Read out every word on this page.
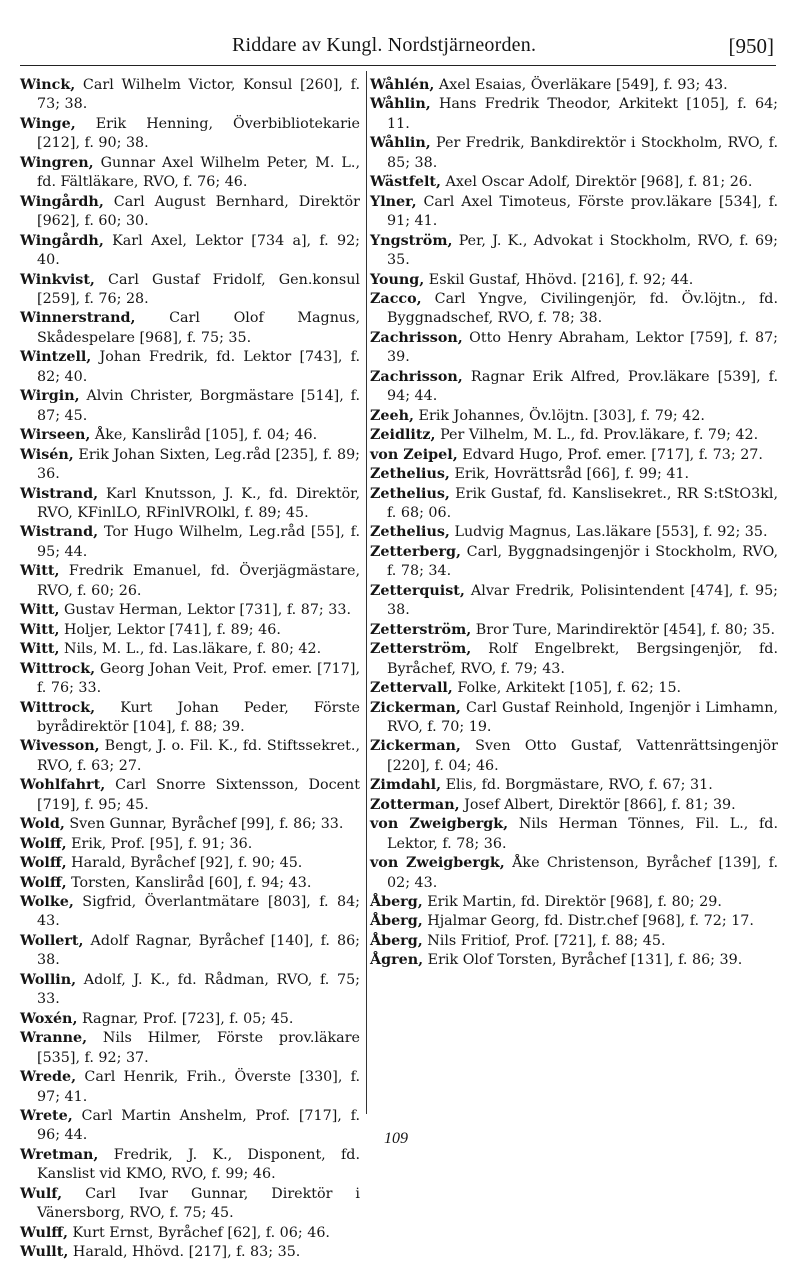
Riddare av Kungl. Nordstjärneorden.	[950]

Winck, Carl Wilhelm Victor, Konsul [260], f. 73; 38.

Winge, Erik Henning, Överbibliotekarie [212], f. 90; 38.

Wingren, Gunnar Axel Wilhelm Peter, M. L., fd. Fältläkare, RVO, f. 76; 46.

Wingårdh, Carl August Bernhard, Direktör [962], f. 60; 30.

Wingårdh, Karl Axel, Lektor [734 a], f. 92; 40.

Winkvist, Carl Gustaf Fridolf, Gen.konsul [259], f. 76; 28.

Winnerstrand, Carl Olof Magnus, Skådespelare [968], f. 75; 35.

Wintzell, Johan Fredrik, fd. Lektor [743], f. 82; 40.

Wirgin, Alvin Christer, Borgmästare [514], f. 87; 45.

Wirseen, Åke, Kanslіråd [105], f. 04; 46.

Wisén, Erik Johan Sixten, Leg.råd [235], f. 89; 36.

Wistrand, Karl Knutsson, J. K., fd. Direktör, RVO, KFinlLO, RFinlVROlkl, f. 89; 45.

Wistrand, Tor Hugo Wilhelm, Leg.råd [55], f. 95; 44.

Witt, Fredrik Emanuel, fd. Överjägmästare, RVO, f. 60; 26.

Witt, Gustav Herman, Lektor [731], f. 87; 33.

Witt, Holjer, Lektor [741], f. 89; 46.

Witt, Nils, M. L., fd. Las.läkare, f. 80; 42.

Wittrock, Georg Johan Veit, Prof. emer. [717], f. 76; 33.

Wittrock, Kurt Johan Peder, Förste byrådirektör [104], f. 88; 39.

Wivesson, Bengt, J. o. Fil. K., fd. Stiftssekret., RVO, f. 63; 27.

Wohlfahrt, Carl Snorre Sixtensson, Docent [719], f. 95; 45.

Wold, Sven Gunnar, Byråchef [99], f. 86; 33.

Wolff, Erik, Prof. [95], f. 91; 36.

Wolff, Harald, Byråchef [92], f. 90; 45.

Wolff, Torsten, Kanslіråd [60], f. 94; 43.

Wolke, Sigfrid, Överlantmätare [803], f. 84; 43.

Wollert, Adolf Ragnar, Byråchef [140], f. 86; 38.

Wollin, Adolf, J. K., fd. Rådman, RVO, f. 75; 33.

Woxén, Ragnar, Prof. [723], f. 05; 45.

Wranne, Nils Hilmer, Förste prov.läkare [535], f. 92; 37.

Wrede, Carl Henrik, Frih., Överste [330], f. 97; 41.

Wrete, Carl Martin Anshelm, Prof. [717], f. 96; 44.

Wretman, Fredrik, J. K., Disponent, fd. Kanslist vid KMO, RVO, f. 99; 46.

Wulf, Carl Ivar Gunnar, Direktör i Vänersborg, RVO, f. 75; 45.

Wulff, Kurt Ernst, Byråchef [62], f. 06; 46.

Wullt, Harald, Hhövd. [217], f. 83; 35.

Wåhlén, Axel Esaias, Överläkare [549], f. 93; 43.

Wåhlin, Hans Fredrik Theodor, Arkitekt [105], f. 64; 11.

Wåhlin, Per Fredrik, Bankdirektör i Stockholm, RVO, f. 85; 38.

Wästfelt, Axel Oscar Adolf, Direktör [968], f. 81; 26.

Ylner, Carl Axel Timoteus, Förste prov.läkare [534], f. 91; 41.

Yngström, Per, J. K., Advokat i Stockholm, RVO, f. 69; 35.

Young, Eskil Gustaf, Hhövd. [216], f. 92; 44.

Zacco, Carl Yngve, Civilingenjör, fd. Öv.löjtn., fd. Byggnadschef, RVO, f. 78; 38.

Zachrisson, Otto Henry Abraham, Lektor [759], f. 87; 39.

Zachrisson, Ragnar Erik Alfred, Prov.läkare [539], f. 94; 44.

Zeeh, Erik Johannes, Öv.löjtn. [303], f. 79; 42.

Zeidlitz, Per Vilhelm, M. L., fd. Prov.läkare, f. 79; 42.

von Zeipel, Edvard Hugo, Prof. emer. [717], f. 73; 27.

Zethelius, Erik, Hovrättsråd [66], f. 99; 41.

Zethelius, Erik Gustaf, fd. Kanslisekret., RR S:tStO3kl, f. 68; 06.

Zethelius, Ludvig Magnus, Las.läkare [553], f. 92; 35.

Zetterberg, Carl, Byggnadsingenjör i Stockholm, RVO, f. 78; 34.

Zetterquist, Alvar Fredrik, Polisintendent [474], f. 95; 38.

Zetterström, Bror Ture, Marindirektör [454], f. 80; 35.

Zetterström, Rolf Engelbrekt, Bergsingenjör, fd. Byråchef, RVO, f. 79; 43.

Zettervall, Folke, Arkitekt [105], f. 62; 15.

Zickerman, Carl Gustaf Reinhold, Ingenjör i Limhamn, RVO, f. 70; 19.

Zickerman, Sven Otto Gustaf, Vattenrättsingenjör [220], f. 04; 46.

Zimdahl, Elis, fd. Borgmästare, RVO, f. 67; 31.

Zotterman, Josef Albert, Direktör [866], f. 81; 39.

von Zweigbergk, Nils Herman Tönnes, Fil. L., fd. Lektor, f. 78; 36.

von Zweigbergk, Åke Christenson, Byråchef [139], f. 02; 43.

Åberg, Erik Martin, fd. Direktör [968], f. 80; 29.

Åberg, Hjalmar Georg, fd. Distr.chef [968], f. 72; 17.

Åberg, Nils Fritiof, Prof. [721], f. 88; 45.

Ågren, Erik Olof Torsten, Byråchef [131], f. 86; 39.

109
